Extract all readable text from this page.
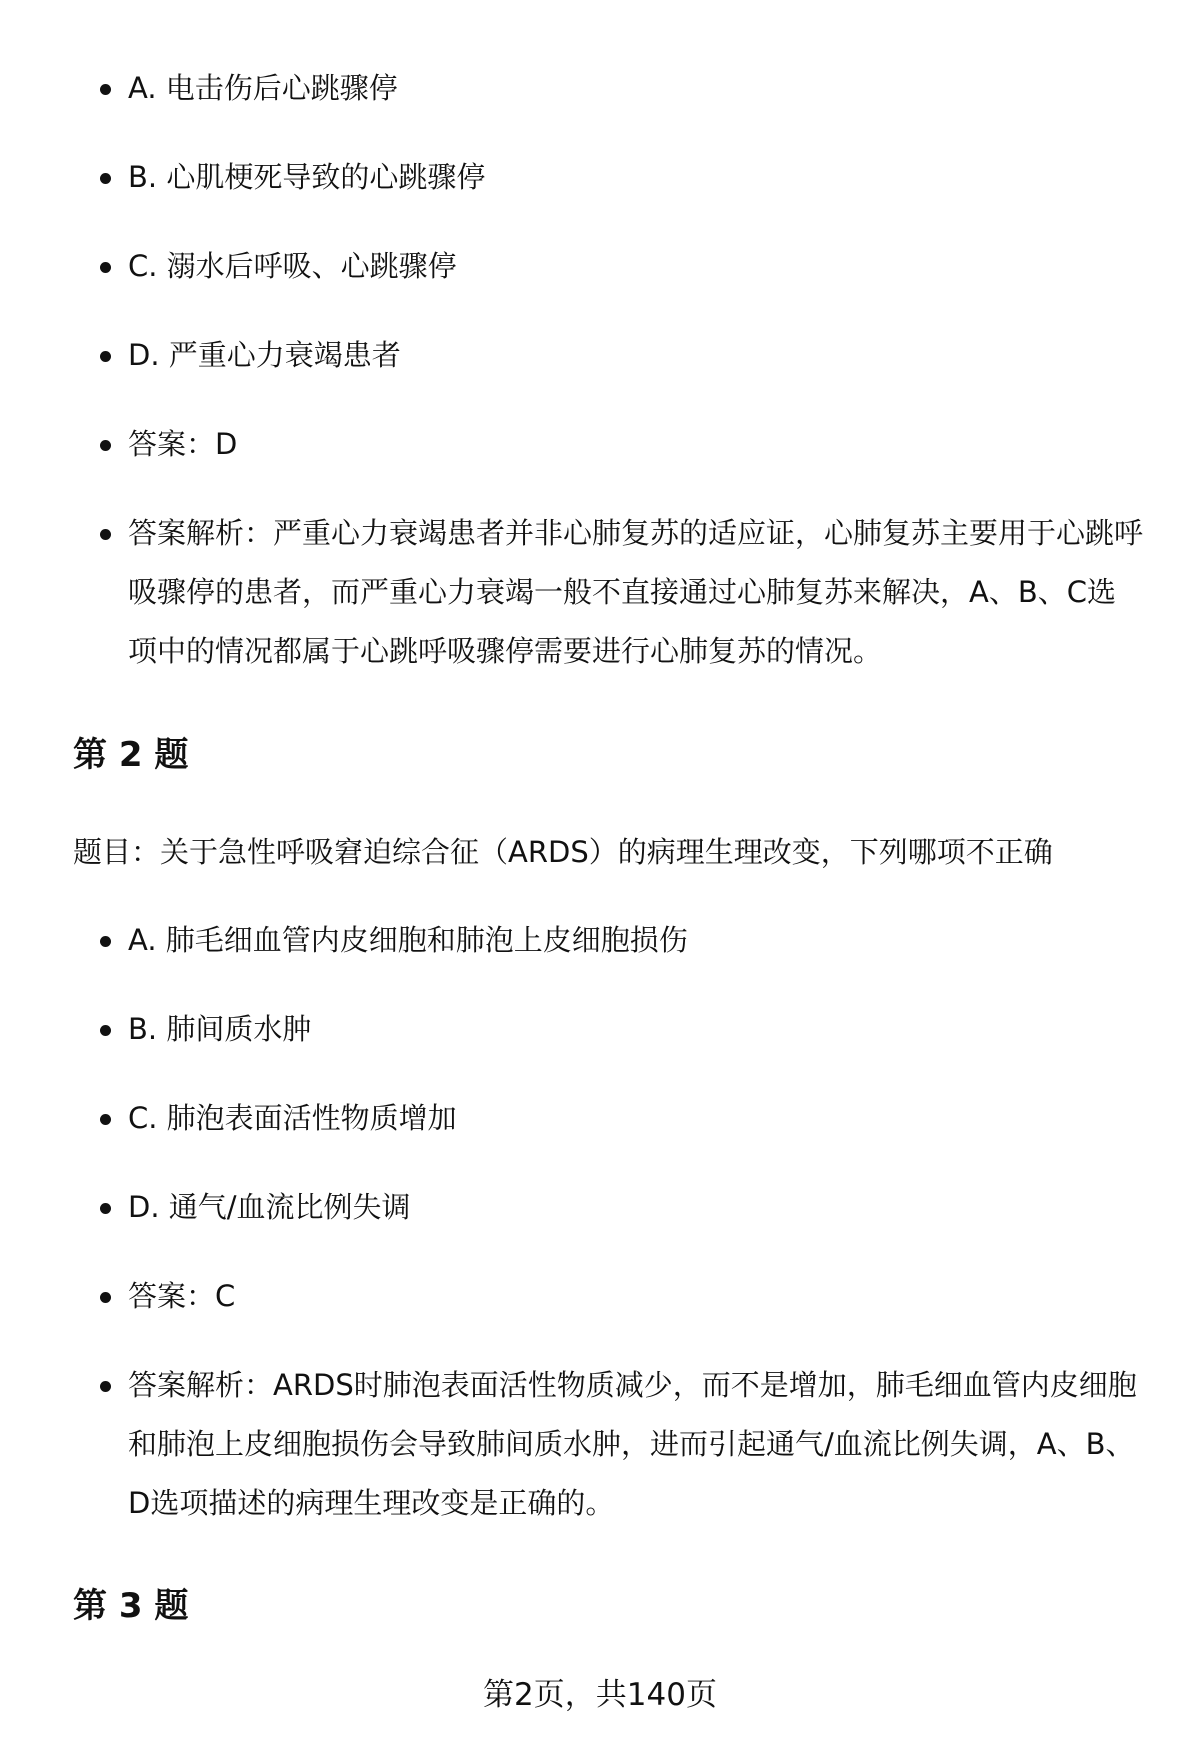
A. 电击伤后心跳骤停
B. 心肌梗死导致的心跳骤停
C. 溺水后呼吸、心跳骤停
D. 严重心力衰竭患者
答案：D
答案解析：严重心力衰竭患者并非心肺复苏的适应证，心肺复苏主要用于心跳呼吸骤停的患者，而严重心力衰竭一般不直接通过心肺复苏来解决，A、B、C选项中的情况都属于心跳呼吸骤停需要进行心肺复苏的情况。
第 2 题
题目：关于急性呼吸窘迫综合征（ARDS）的病理生理改变，下列哪项不正确
A. 肺毛细血管内皮细胞和肺泡上皮细胞损伤
B. 肺间质水肿
C. 肺泡表面活性物质增加
D. 通气/血流比例失调
答案：C
答案解析：ARDS时肺泡表面活性物质减少，而不是增加，肺毛细血管内皮细胞和肺泡上皮细胞损伤会导致肺间质水肿，进而引起通气/血流比例失调，A、B、D选项描述的病理生理改变是正确的。
第 3 题
第2页，共140页
